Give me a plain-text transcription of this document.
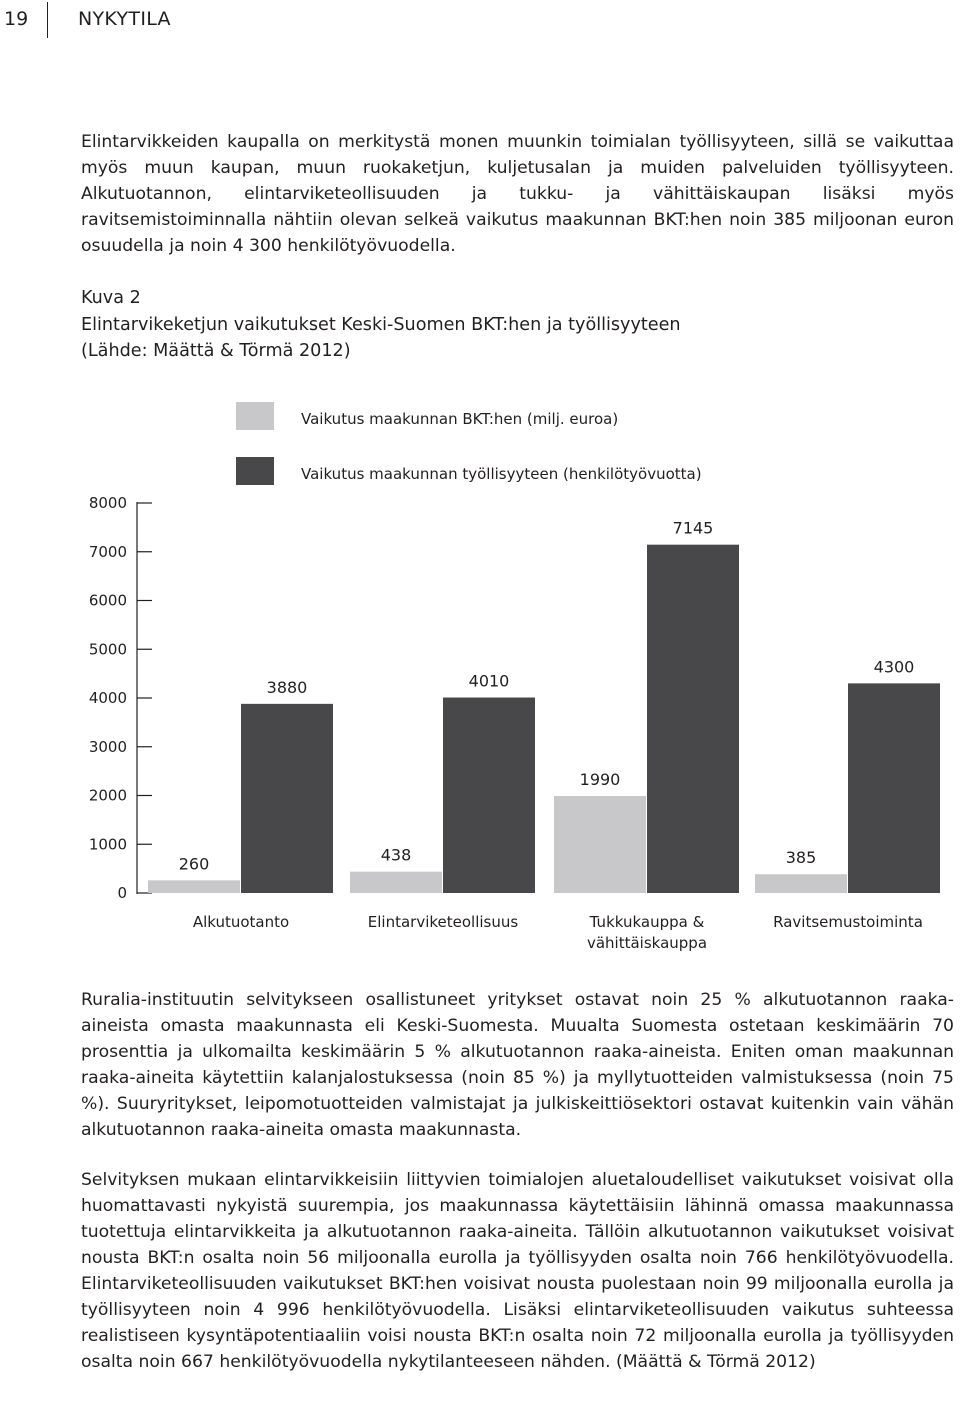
19	NYKYTILA

Elintarvikkeiden kaupalla on merkitystä monen muunkin toimialan työllisyyteen, sillä se vaikuttaa myös muun kaupan, muun ruokaketjun, kuljetusalan ja muiden palveluiden työllisyyteen. Alkutuotannon, elintarviketeollisuuden ja tukku- ja vähittäiskaupan lisäksi myös ravitsemistoiminnalla nähtiin olevan selkeä vaikutus maakunnan BKT:hen noin 385 miljoonan euron osuudella ja noin 4 300 henkilötyövuodella.

Kuva 2
Elintarvikeketjun vaikutukset Keski-Suomen BKT:hen ja työllisyyteen
(Lähde: Määttä & Törmä 2012)
Vaikutus maakunnan BKT:hen (milj. euroa)
Vaikutus maakunnan työllisyyteen (henkilötyövuotta)
0
1000
2000
3000
4000
5000
6000
7000
8000
260
3880
438
4010
1990
7145
385
4300
Alkutuotanto	Elintarviketeollisuus	Tukkukauppa &
vähittäiskauppa
Ravitsemustoiminta

Ruralia-instituutin selvitykseen osallistuneet yritykset ostavat noin 25 % alkutuotannon raaka-aineista omasta maakunnasta eli Keski-Suomesta. Muualta Suomesta ostetaan keskimäärin 70 prosenttia ja ulkomailta keskimäärin 5 % alkutuotannon raaka-aineista. Eniten oman maakunnan raaka-aineita käytettiin kalanjalostuksessa (noin 85 %) ja myllytuotteiden valmistuksessa (noin 75 %). Suuryritykset, leipomotuotteiden valmistajat ja julkiskeittiösektori ostavat kuitenkin vain vähän alkutuotannon raaka-aineita omasta maakunnasta.

Selvityksen mukaan elintarvikkeisiin liittyvien toimialojen aluetaloudelliset vaikutukset voisivat olla huomattavasti nykyistä suurempia, jos maakunnassa käytettäisiin lähinnä omassa maakunnassa tuotettuja elintarvikkeita ja alkutuotannon raaka-aineita. Tällöin alkutuotannon vaikutukset voisivat nousta BKT:n osalta noin 56 miljoonalla eurolla ja työllisyyden osalta noin 766 henkilötyövuodella. Elintarviketeollisuuden vaikutukset BKT:hen voisivat nousta puolestaan noin 99 miljoonalla eurolla ja työllisyyteen noin 4 996 henkilötyövuodella. Lisäksi elintarviketeollisuuden vaikutus suhteessa realistiseen kysyntäpotentiaaliin voisi nousta BKT:n osalta noin 72 miljoonalla eurolla ja työllisyyden osalta noin 667 henkilötyövuodella nykytilanteeseen nähden. (Määttä & Törmä 2012)
